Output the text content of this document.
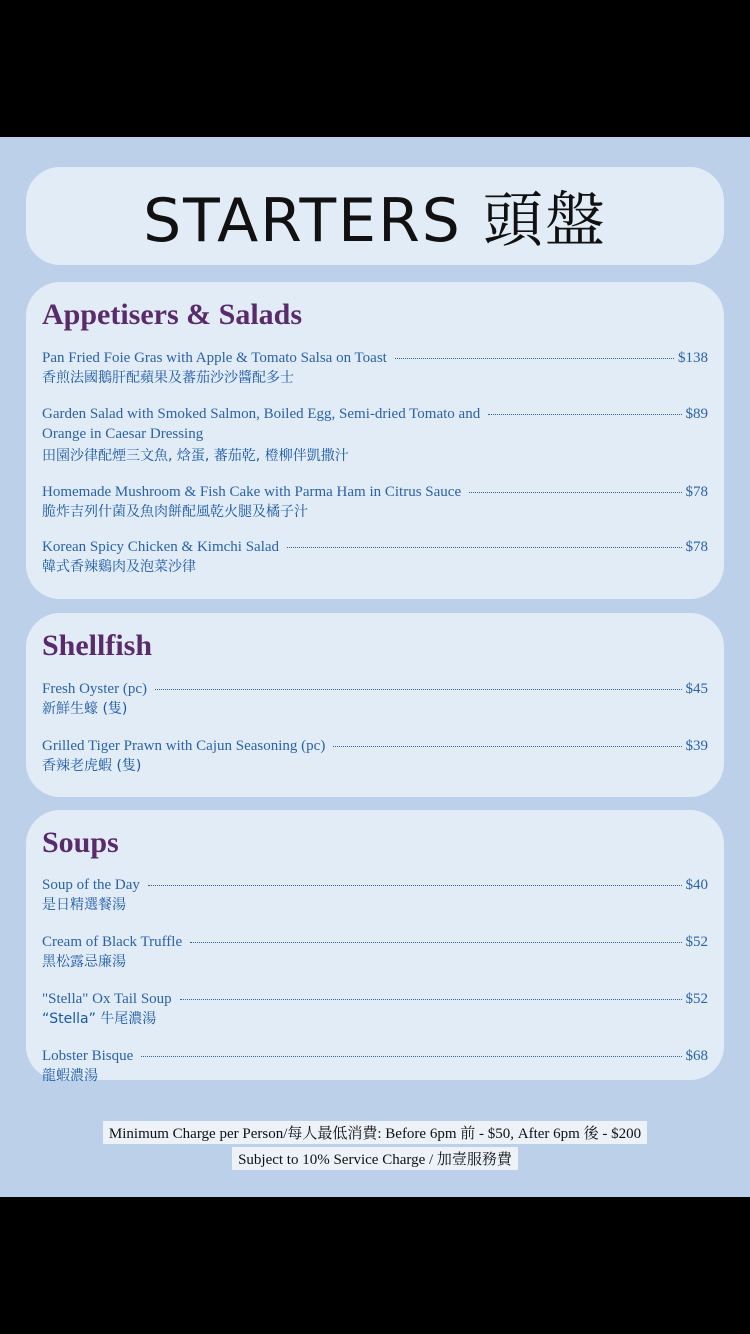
STARTERS 頭盤
Appetisers & Salads
Pan Fried Foie Gras with Apple & Tomato Salsa on Toast	$138
香煎法國鵝肝配蘋果及蕃茄沙沙醬配多士
Garden Salad with Smoked Salmon, Boiled Egg, Semi-dried Tomato and	$89
Orange in Caesar Dressing
田園沙律配煙三文魚, 焓蛋, 蕃茄乾, 橙柳伴凱撒汁
Homemade Mushroom & Fish Cake with Parma Ham in Citrus Sauce	$78
脆炸吉列什菌及魚肉餅配風乾火腿及橘子汁
Korean Spicy Chicken & Kimchi Salad	$78
韓式香辣鷄肉及泡菜沙律
Shellfish
Fresh Oyster (pc)	$45
新鮮生蠔 (隻)
Grilled Tiger Prawn with Cajun Seasoning (pc)	$39
香辣老虎蝦 (隻)
Soups
Soup of the Day	$40
是日精選餐湯
Cream of Black Truffle	$52
黑松露忌廉湯
"Stella" Ox Tail Soup	$52
“Stella” 牛尾濃湯
Lobster Bisque	$68
龍蝦濃湯
Minimum Charge per Person/每人最低消費: Before 6pm 前 - $50, After 6pm 後 - $200
Subject to 10% Service Charge / 加壹服務費
